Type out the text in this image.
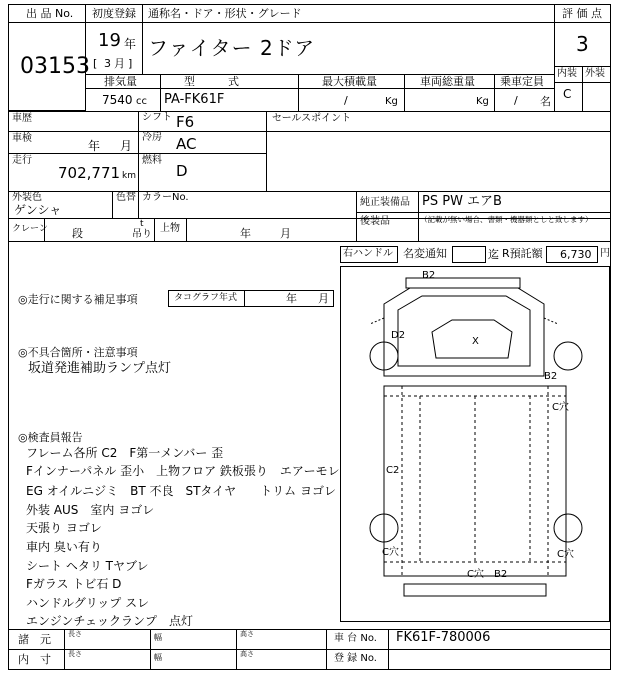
出 品 No.
03153
初度登録 通称名・ドア・形状・グレード
19 年
[ 3 月 ]
ファイター 2ドア
評 価 点
3
内装 外装
C
排気量	型　　　式	最大積載量	車両総重量 乗車定員
7540 cc PA-FK61F	/	Kg	Kg / 名
車歴	シフト F6
車検
年 月
冷房 AC
走行
702,771 km
燃料
D
セールスポイント
外装色
ゲンシャ
色替 カラーNo.	純正装備品 PS PW エアB
後装品	（記載が無い場合、書類・機器類としと致します）
クレーン 段
t
吊り
上物	年	月
右ハンドル 名変通知	迄 R預託額 6,730 円
◎走行に関する補足事項	タコグラフ年式	年 月
◎不具合箇所・注意事項
坂道発進補助ランプ点灯
◎検査員報告
フレーム各所 C2　F第一メンバー 歪
Fインナーパネル 歪小　上物フロア 鉄板張り　エアーモレ
EG オイルニジミ　BT 不良　STタイヤ　　トリム ヨゴレ
外装 AUS　室内 ヨゴレ
天張り ヨゴレ
車内 臭い有り
シート ヘタリ Tヤブレ
Fガラス トビ石 D
ハンドルグリップ スレ
エンジンチェックランプ　点灯
B2
D2
X
B2
C穴
C2
C穴	C穴
C穴　B2
諸　元 長さ	幅	高さ
内　寸 長さ	幅	高さ
車 台 No. FK61F-780006
登 録 No.
